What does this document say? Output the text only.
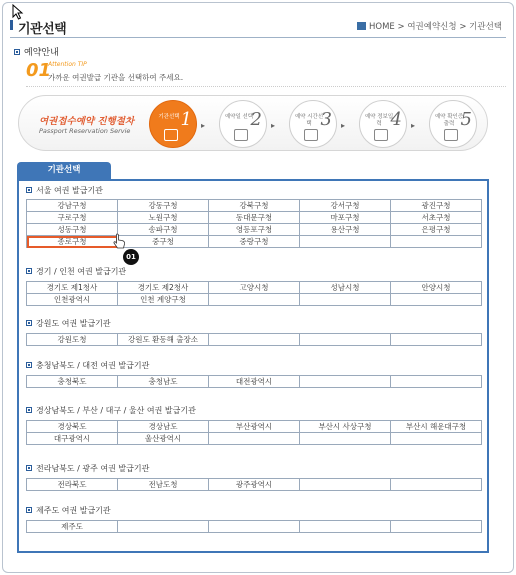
기관선택	HOME > 여권예약신청 > 기관선택
예약안내
01
Attention TIP
가까운 여권발급 기관을 선택하여 주세요.
여권접수예약 진행절차
Passport Reservation Servie
기관선택 1 ▸
예약일 선택
2 ▸
예약 시간선택 3 ▸
예약 정보입력 4 ▸
예약 확인증출력 5
기관선택
서울 여권 발급기관
강남구청	강동구청	강북구청	강서구청	광진구청
구로구청	노원구청	동대문구청	마포구청	서초구청
성동구청	송파구청	영등포구청	용산구청	은평구청
종로구청	중구청	중랑구청		
경기 / 인천 여권 발급기관
경기도 제1청사	경기도 제2청사	고양시청	성남시청	안양시청
인천광역시	인천 계양구청			
강원도 여권 발급기관
강원도청	강원도 환동해 출장소			
충청남북도 / 대전 여권 발급기관
충청북도	충청남도	대전광역시		
경상남북도 / 부산 / 대구 / 울산 여권 발급기관
경상북도	경상남도	부산광역시	부산시 사상구청	부산시 해운대구청
대구광역시	울산광역시			
전라남북도 / 광주 여권 발급기관
전라북도	전남도청	광주광역시		
제주도 여권 발급기관
제주도				
01
